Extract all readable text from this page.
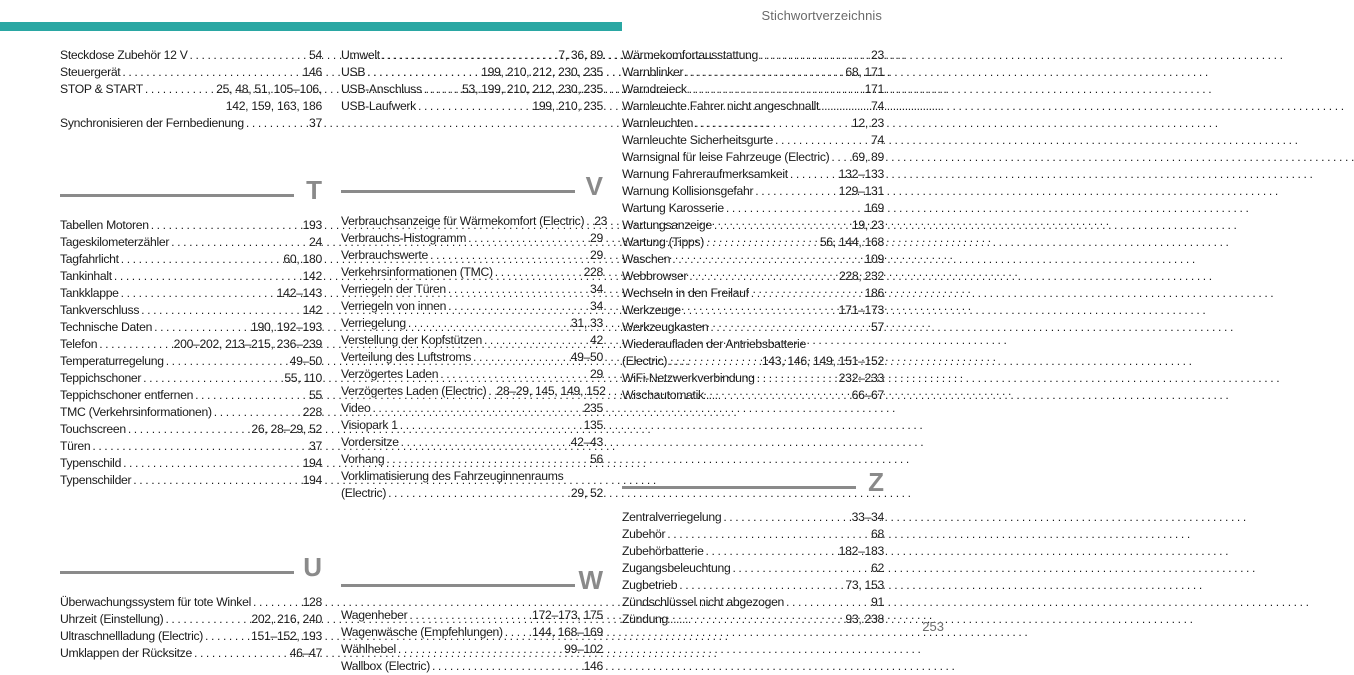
Stichwortverzeichnis
Steckdose Zubehör 12 V . . .	54
Steuergerät . . .	146
STOP & START . . .	25, 48, 51, 105–106,
142, 159, 163, 186
Synchronisieren der Fernbedienung . . .	37
T
Tabellen Motoren . . .	193
Tageskilometerzähler . . .	24
Tagfahrlicht . . .	60, 180
Tankinhalt . . .	142
Tankklappe . . .	142–143
Tankverschluss . . .	142
Technische Daten . . .	190, 192–193
Telefon . . .	200–202, 213–215, 236–239
Temperaturregelung . . .	49–50
Teppichschoner . . .	55, 110
Teppichschoner entfernen . . .	55
TMC (Verkehrsinformationen) . . .	228
Touchscreen . . .	26, 28–29, 52
Türen . . .	37
Typenschild . . .	194
Typenschilder . . .	194
U
Überwachungssystem für tote Winkel . . .	128
Uhrzeit (Einstellung) . . .	202, 216, 240
Ultraschnellladung (Electric) . . .	151–152, 193
Umklappen der Rücksitze . . .	46–47
Umwelt . . .	7, 36, 89
USB . . .	199, 210, 212, 230, 235
USB-Anschluss . . .	53, 199, 210, 212, 230, 235
USB-Laufwerk . . .	199, 210, 235
V
Verbrauchsanzeige für Wärmekomfort (Electric) . . . 23
Verbrauchs-Histogramm . . .	29
Verbrauchswerte . . .	29
Verkehrsinformationen (TMC) . . .	228
Verriegeln der Türen . . .	34
Verriegeln von innen . . .	34
Verriegelung . . .	31, 33
Verstellung der Kopfstützen . . .	42
Verteilung des Luftstroms . . .	49–50
Verzögertes Laden . . .	29
Verzögertes Laden (Electric) . . . 28–29, 145, 149, 152
Video . . .	235
Visiopark 1 . . .	135
Vordersitze . . .	42–43
Vorhang . . .	56
Vorklimatisierung des Fahrzeuginnenraums
(Electric) . . .	29, 52
W
Wagenheber . . .	172–173, 175
Wagenwäsche (Empfehlungen) . . . 144, 168–169
Wählhebel . . .	99–102
Wallbox (Electric) . . .	146
Wärmekomfortausstattung . . .	23
Warnblinker . . .	68, 171
Warndreieck . . .	171
Warnleuchte Fahrer nicht angeschnallt . . .	74
Warnleuchten . . .	12, 23
Warnleuchte Sicherheitsgurte . . .	74
Warnsignal für leise Fahrzeuge (Electric) . . . 69, 89
Warnung Fahreraufmerksamkeit . . .	132–133
Warnung Kollisionsgefahr . . .	129–131
Wartung Karosserie . . .	169
Wartungsanzeige . . .	19, 23
Wartung (Tipps) . . .	56, 144, 168
Waschen . . .	109
Webbrowser . . .	228, 232
Wechseln in den Freilauf . . .	186
Werkzeuge . . .	171–173
Werkzeugkasten . . .	57
Wiederaufladen der Antriebsbatterie
(Electric) . . .	143, 146, 149, 151–152
WiFi-Netzwerkverbindung . . .	232–233
Wischautomatik . . .	66–67
Z
Zentralverriegelung . . .	33–34
Zubehör . . .	68
Zubehörbatterie . . .	182–183
Zugangsbeleuchtung . . .	62
Zugbetrieb . . .	73, 153
Zündschlüssel nicht abgezogen . . .	91
Zündung . . .	93, 238	253
